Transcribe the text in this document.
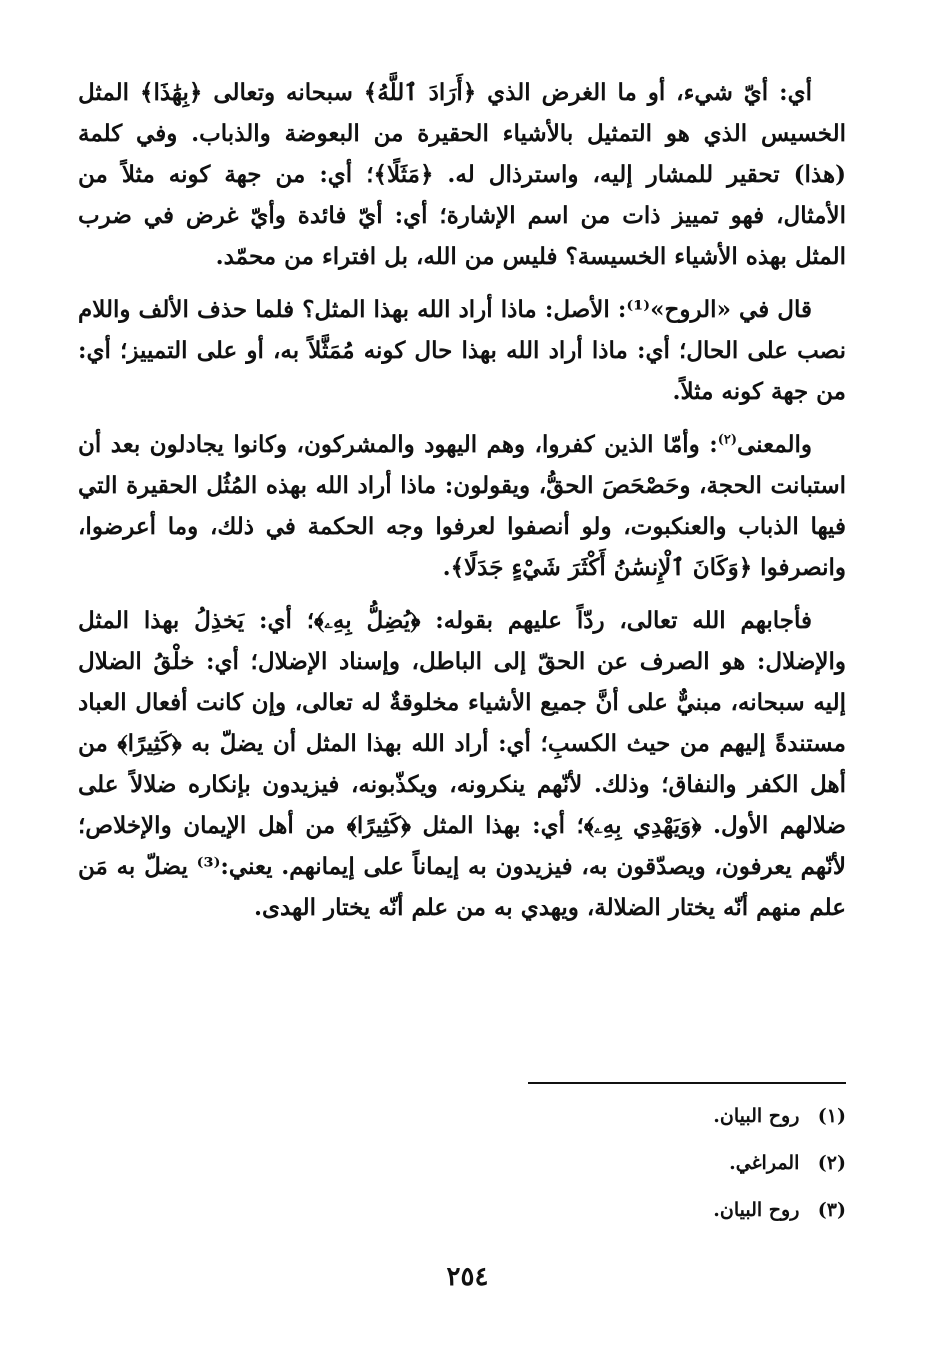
أي: أيّ شيء، أو ما الغرض الذي ﴿أَرَادَ ٱللَّهُ﴾ سبحانه وتعالى ﴿بِهَٰذَا﴾ المثل الخسيس الذي هو التمثيل بالأشياء الحقيرة من البعوضة والذباب. وفي كلمة (هذا) تحقير للمشار إليه، واسترذال له. ﴿مَثَلًا﴾؛ أي: من جهة كونه مثلاً من الأمثال، فهو تمييز ذات من اسم الإشارة؛ أي: أيّ فائدة وأيّ غرض في ضرب المثل بهذه الأشياء الخسيسة؟ فليس من الله، بل افتراء من محمّد.

قال في «الروح»⁽¹⁾: الأصل: ماذا أراد الله بهذا المثل؟ فلما حذف الألف واللام نصب على الحال؛ أي: ماذا أراد الله بهذا حال كونه مُمَثَّلاً به، أو على التمييز؛ أي: من جهة كونه مثلاً.

والمعنى$^{(٢)}$: وأمّا الذين كفروا، وهم اليهود والمشركون، وكانوا يجادلون بعد أن استبانت الحجة، وحَصْحَصَ الحقُّ، ويقولون: ماذا أراد الله بهذه المُثُل الحقيرة التي فيها الذباب والعنكبوت، ولو أنصفوا لعرفوا وجه الحكمة في ذلك، وما أعرضوا، وانصرفوا ﴿وَكَانَ ٱلْإِنسَٰنُ أَكْثَرَ شَيْءٍ جَدَلًا﴾.

فأجابهم الله تعالى، ردّاً عليهم بقوله: ﴿يُضِلُّ بِهِۦ﴾؛ أي: يَخذِلُ بهذا المثل والإضلال: هو الصرف عن الحقّ إلى الباطل، وإسناد الإضلال؛ أي: خلْقُ الضلال إليه سبحانه، مبنيٌّ على أنَّ جميع الأشياء مخلوقةٌ له تعالى، وإن كانت أفعال العباد مستندةً إليهم من حيث الكسبِ؛ أي: أراد الله بهذا المثل أن يضلّ به ﴿كَثِيرًا﴾ من أهل الكفر والنفاق؛ وذلك. لأنّهم ينكرونه، ويكذّبونه، فيزيدون بإنكاره ضلالاً على ضلالهم الأول. ﴿وَيَهْدِي بِهِۦ﴾؛ أي: بهذا المثل ﴿كَثِيرًا﴾ من أهل الإيمان والإخلاص؛ لأنّهم يعرفون، ويصدّقون به، فيزيدون به إيماناً على إيمانهم. يعني:⁽³⁾ يضلّ به مَن علم منهم أنّه يختار الضلالة، ويهدي به من علم أنّه يختار الهدى.

(١) روح البيان.
(٢) المراغي.
(٣) روح البيان.
٢٥٤
